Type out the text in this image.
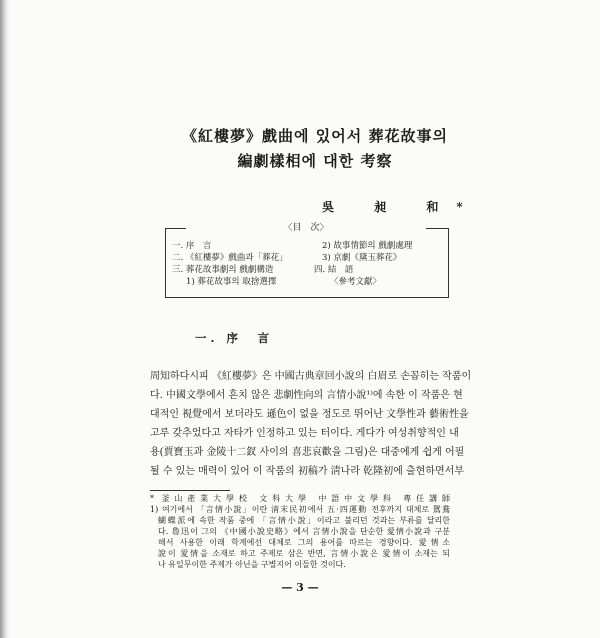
《紅樓夢》戲曲에 있어서 葬花故事의
編劇樣相에 대한 考察
吳 昶 和*
〈目　次〉
一. 序　言
二. 《紅樓夢》戲曲과「葬花」
三. 葬花故事劇의 戲劇構造
1) 葬花故事의 取捨選擇
2) 故事情節의 戲劇處理
3) 京劇《黛玉葬花》
四. 結　語
〈參考文獻〉
一. 序　言
周知하다시피 《紅樓夢》은 中國古典章回小說의 白眉로 손꼽히는 작품이
다. 中國文學에서 흔치 않은 悲劇性向의 言情小說¹⁾에 속한 이 작품은 현
대적인 視覺에서 보더라도 遜色이 없을 정도로 뛰어난 文學性과 藝術性을
고루 갖추었다고 자타가 인정하고 있는 터이다. 게다가 여성취향적인 내
용(賈寶玉과 金陵十二釵 사이의 喜悲哀歡을 그림)은 대중에게 쉽게 어필
될 수 있는 매력이 있어 이 작품의 初稿가 淸나라 乾隆初에 출현하면서부
* 釜山產業大學校 文科大學 中語中文學科 專任講師
1) 여기에서 「言情小說」이란 淸末民初에서 五·四運動 전후까지 대체로 鴛鴦
蝴蝶派에 속한 작품 중에 「言情小說」이라고 불리던 것과는 부류를 달리한
다. 魯迅이 그의 《中國小說史略》에서 言情小說을 단순한 愛情小說과 구분
해서 사용한 이래 학계에선 대체로 그의 용어를 따르는 경향이다. 愛情소
說이 愛情을 소재로 하고 주제로 삼은 반면, 言情小說은 愛情이 소재는 되
나 유일무이한 주제가 아닌을 구별지어 이들한 것이다.
— 3 —
